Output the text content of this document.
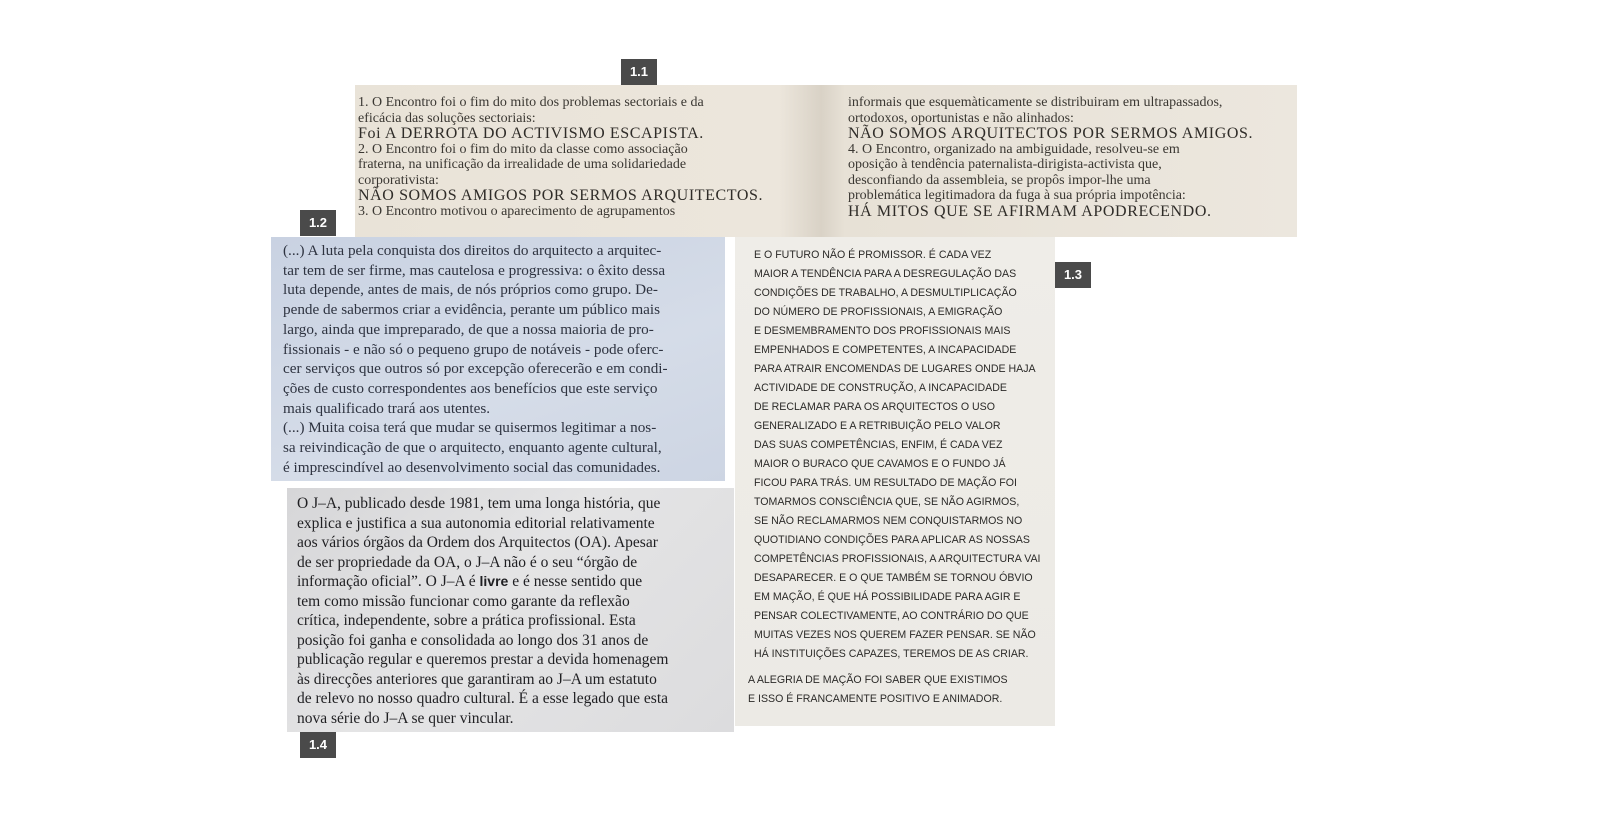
1.1
1.2
1.3
1.4
1. O Encontro foi o fim do mito dos problemas sectoriais e da
eficácia das soluções sectoriais:
Foi A DERROTA DO ACTIVISMO ESCAPISTA.
2. O Encontro foi o fim do mito da classe como associação
fraterna, na unificação da irrealidade de uma solidariedade
corporativista:
NÃO SOMOS AMIGOS POR SERMOS ARQUITECTOS.
3. O Encontro motivou o aparecimento de agrupamentos
informais que esquemàticamente se distribuiram em ultrapassados,
ortodoxos, oportunistas e não alinhados:
NÃO SOMOS ARQUITECTOS POR SERMOS AMIGOS.
4. O Encontro, organizado na ambiguidade, resolveu-se em
oposição à tendência paternalista-dirigista-activista que,
desconfiando da assembleia, se propôs impor-lhe uma
problemática legitimadora da fuga à sua própria impotência:
HÁ MITOS QUE SE AFIRMAM APODRECENDO.
(...) A luta pela conquista dos direitos do arquitecto a arquitec-
tar tem de ser firme, mas cautelosa e progressiva: o êxito dessa
luta depende, antes de mais, de nós próprios como grupo. De-
pende de sabermos criar a evidência, perante um público mais
largo, ainda que impreparado, de que a nossa maioria de pro-
fissionais - e não só o pequeno grupo de notáveis - pode oferc-
cer serviços que outros só por excepção oferecerão e em condi-
ções de custo correspondentes aos benefícios que este serviço
mais qualificado trará aos utentes.
(...) Muita coisa terá que mudar se quisermos legitimar a nos-
sa reivindicação de que o arquitecto, enquanto agente cultural,
é imprescindível ao desenvolvimento social das comunidades.
E O FUTURO NÃO É PROMISSOR. É CADA VEZ
MAIOR A TENDÊNCIA PARA A DESREGULAÇÃO DAS
CONDIÇÕES DE TRABALHO, A DESMULTIPLICAÇÃO
DO NÚMERO DE PROFISSIONAIS, A EMIGRAÇÃO
E DESMEMBRAMENTO DOS PROFISSIONAIS MAIS
EMPENHADOS E COMPETENTES, A INCAPACIDADE
PARA ATRAIR ENCOMENDAS DE LUGARES ONDE HAJA
ACTIVIDADE DE CONSTRUÇÃO, A INCAPACIDADE
DE RECLAMAR PARA OS ARQUITECTOS O USO
GENERALIZADO E A RETRIBUIÇÃO PELO VALOR
DAS SUAS COMPETÊNCIAS, ENFIM, É CADA VEZ
MAIOR O BURACO QUE CAVAMOS E O FUNDO JÁ
FICOU PARA TRÁS. UM RESULTADO DE MAÇÃO FOI
TOMARMOS CONSCIÊNCIA QUE, SE NÃO AGIRMOS,
SE NÃO RECLAMARMOS NEM CONQUISTARMOS NO
QUOTIDIANO CONDIÇÕES PARA APLICAR AS NOSSAS
COMPETÊNCIAS PROFISSIONAIS, A ARQUITECTURA VAI
DESAPARECER. E O QUE TAMBÉM SE TORNOU ÓBVIO
EM MAÇÃO, É QUE HÁ POSSIBILIDADE PARA AGIR E
PENSAR COLECTIVAMENTE, AO CONTRÁRIO DO QUE
MUITAS VEZES NOS QUEREM FAZER PENSAR. SE NÃO
HÁ INSTITUIÇÕES CAPAZES, TEREMOS DE AS CRIAR.
A ALEGRIA DE MAÇÃO FOI SABER QUE EXISTIMOS
E ISSO É FRANCAMENTE POSITIVO E ANIMADOR.
O J–A, publicado desde 1981, tem uma longa história, que
explica e justifica a sua autonomia editorial relativamente
aos vários órgãos da Ordem dos Arquitectos (OA). Apesar
de ser propriedade da OA, o J–A não é o seu “órgão de
informação oficial”. O J–A é livre e é nesse sentido que
tem como missão funcionar como garante da reflexão
crítica, independente, sobre a prática profissional. Esta
posição foi ganha e consolidada ao longo dos 31 anos de
publicação regular e queremos prestar a devida homenagem
às direcções anteriores que garantiram ao J–A um estatuto
de relevo no nosso quadro cultural. É a esse legado que esta
nova série do J–A se quer vincular.
